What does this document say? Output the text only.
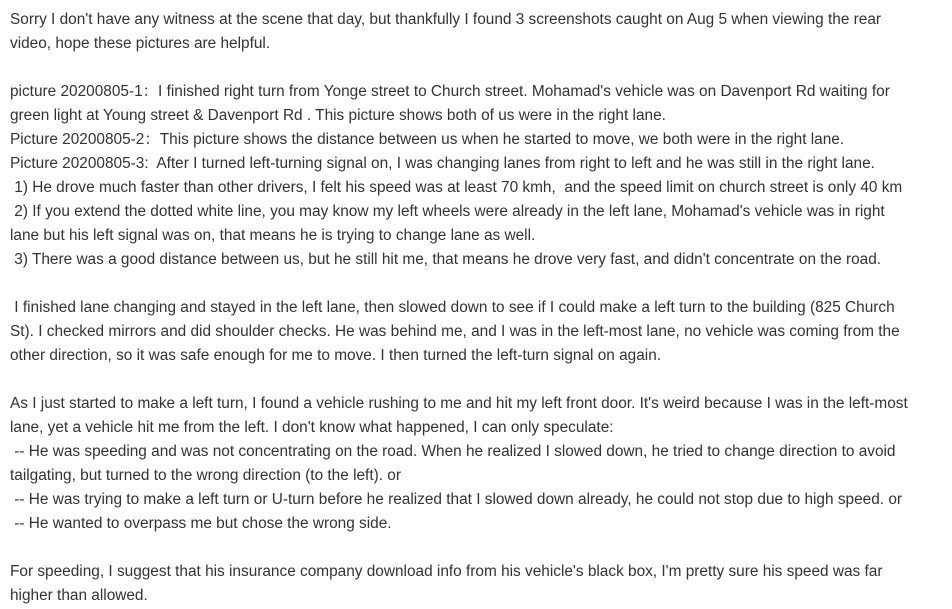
Sorry I don't have any witness at the scene that day, but thankfully I found 3 screenshots caught on Aug 5 when viewing the rear
video, hope these pictures are helpful.
picture 20200805-1：I finished right turn from Yonge street to Church street. Mohamad's vehicle was on Davenport Rd waiting for
green light at Young street & Davenport Rd . This picture shows both of us were in the right lane.
Picture 20200805-2：This picture shows the distance between us when he started to move, we both were in the right lane.
Picture 20200805-3:  After I turned left-turning signal on, I was changing lanes from right to left and he was still in the right lane.
1) He drove much faster than other drivers, I felt his speed was at least 70 kmh,  and the speed limit on church street is only 40 km
2) If you extend the dotted white line, you may know my left wheels were already in the left lane, Mohamad's vehicle was in right
lane but his left signal was on, that means he is trying to change lane as well.
3) There was a good distance between us, but he still hit me, that means he drove very fast, and didn't concentrate on the road.
I finished lane changing and stayed in the left lane, then slowed down to see if I could make a left turn to the building (825 Church
St). I checked mirrors and did shoulder checks. He was behind me, and I was in the left-most lane, no vehicle was coming from the
other direction, so it was safe enough for me to move. I then turned the left-turn signal on again.
As I just started to make a left turn, I found a vehicle rushing to me and hit my left front door. It's weird because I was in the left-most
lane, yet a vehicle hit me from the left. I don't know what happened, I can only speculate:
-- He was speeding and was not concentrating on the road. When he realized I slowed down, he tried to change direction to avoid
tailgating, but turned to the wrong direction (to the left). or
-- He was trying to make a left turn or U-turn before he realized that I slowed down already, he could not stop due to high speed. or
-- He wanted to overpass me but chose the wrong side.
For speeding, I suggest that his insurance company download info from his vehicle's black box, I'm pretty sure his speed was far
higher than allowed.
